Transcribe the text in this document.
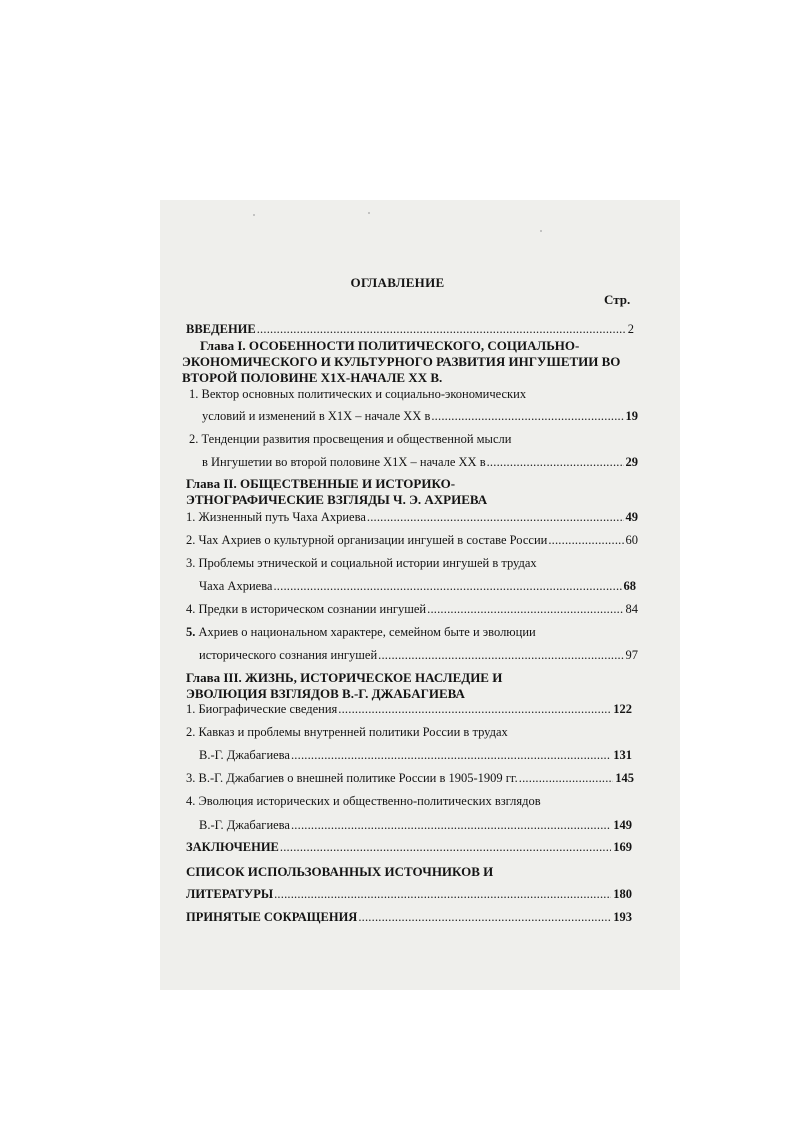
ОГЛАВЛЕНИЕ
Стр.
ВВЕДЕНИЕ .....	2
Глава I. ОСОБЕННОСТИ ПОЛИТИЧЕСКОГО, СОЦИАЛЬНО-
ЭКОНОМИЧЕСКОГО И КУЛЬТУРНОГО РАЗВИТИЯ ИНГУШЕТИИ ВО
ВТОРОЙ ПОЛОВИНЕ Х1Х-НАЧАЛЕ ХХ В.
1. Вектор основных политических и социально-экономических
условий и изменений в Х1Х – начале ХХ в .....	19
2. Тенденции развития просвещения и общественной мысли
в Ингушетии во второй половине Х1Х – начале ХХ в .....	29
Глава II. ОБЩЕСТВЕННЫЕ И ИСТОРИКО-
ЭТНОГРАФИЧЕСКИЕ ВЗГЛЯДЫ Ч. Э. АХРИЕВА
1. Жизненный путь Чаха Ахриева .....	49
2. Чах Ахриев о культурной организации ингушей в составе России .....	60
3. Проблемы этнической и социальной истории ингушей в трудах
Чаха Ахриева .....	68
4. Предки в историческом сознании ингушей .....	84
5. Ахриев о национальном характере, семейном быте и эволюции
исторического сознания ингушей .....	97
Глава III. ЖИЗНЬ, ИСТОРИЧЕСКОЕ НАСЛЕДИЕ И
ЭВОЛЮЦИЯ ВЗГЛЯДОВ В.-Г. ДЖАБАГИЕВА
1. Биографические сведения .....	122
2. Кавказ и проблемы внутренней политики России в трудах
В.-Г. Джабагиева .....	131
3. В.-Г. Джабагиев о внешней политике России в 1905-1909 гг. .....	145
4. Эволюция исторических и общественно-политических взглядов
В.-Г. Джабагиева .....	149
ЗАКЛЮЧЕНИЕ .....	169
СПИСОК ИСПОЛЬЗОВАННЫХ ИСТОЧНИКОВ И
ЛИТЕРАТУРЫ .....	180
ПРИНЯТЫЕ СОКРАЩЕНИЯ .....	193
